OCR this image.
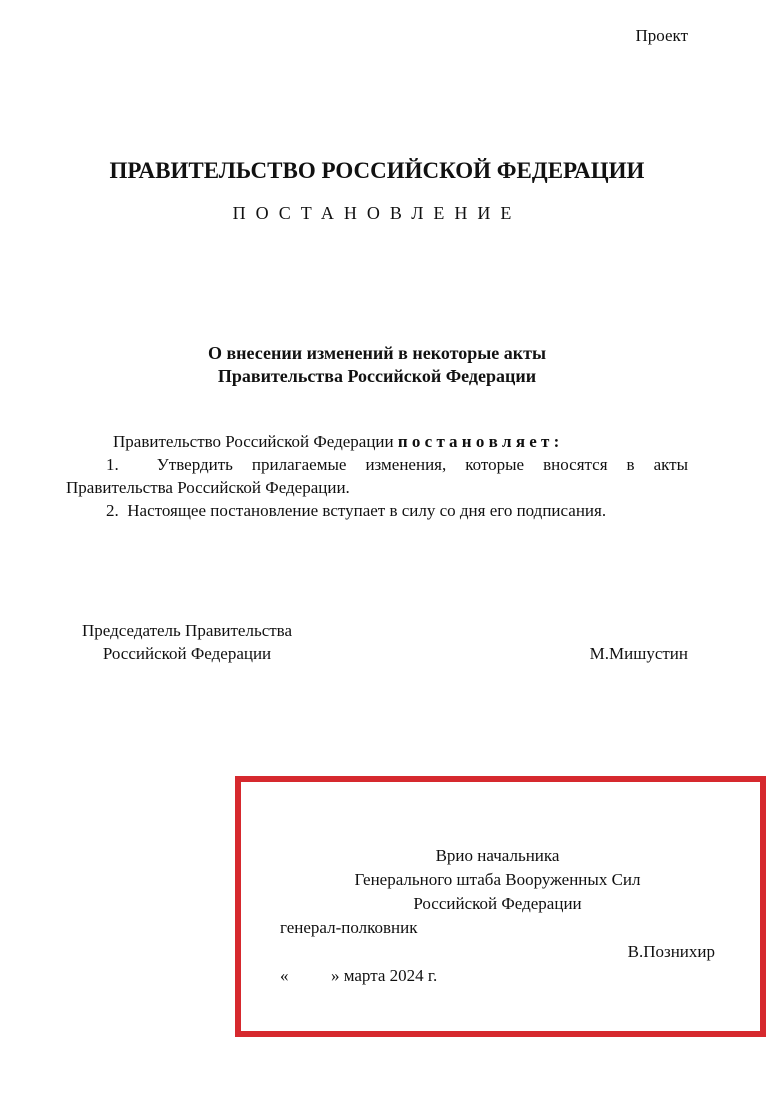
Проект
ПРАВИТЕЛЬСТВО РОССИЙСКОЙ ФЕДЕРАЦИИ
ПОСТАНОВЛЕНИЕ
О внесении изменений в некоторые акты
Правительства Российской Федерации
Правительство Российской Федерации п о с т а н о в л я е т :
1.  Утвердить прилагаемые изменения, которые вносятся в акты
Правительства Российской Федерации.
2.  Настоящее постановление вступает в силу со дня его подписания.
Председатель Правительства
Российской Федерации	М.Мишустин
Врио начальника
Генерального штаба Вооруженных Сил
Российской Федерации
генерал-полковник
В.Познихир
«   » марта 2024 г.
